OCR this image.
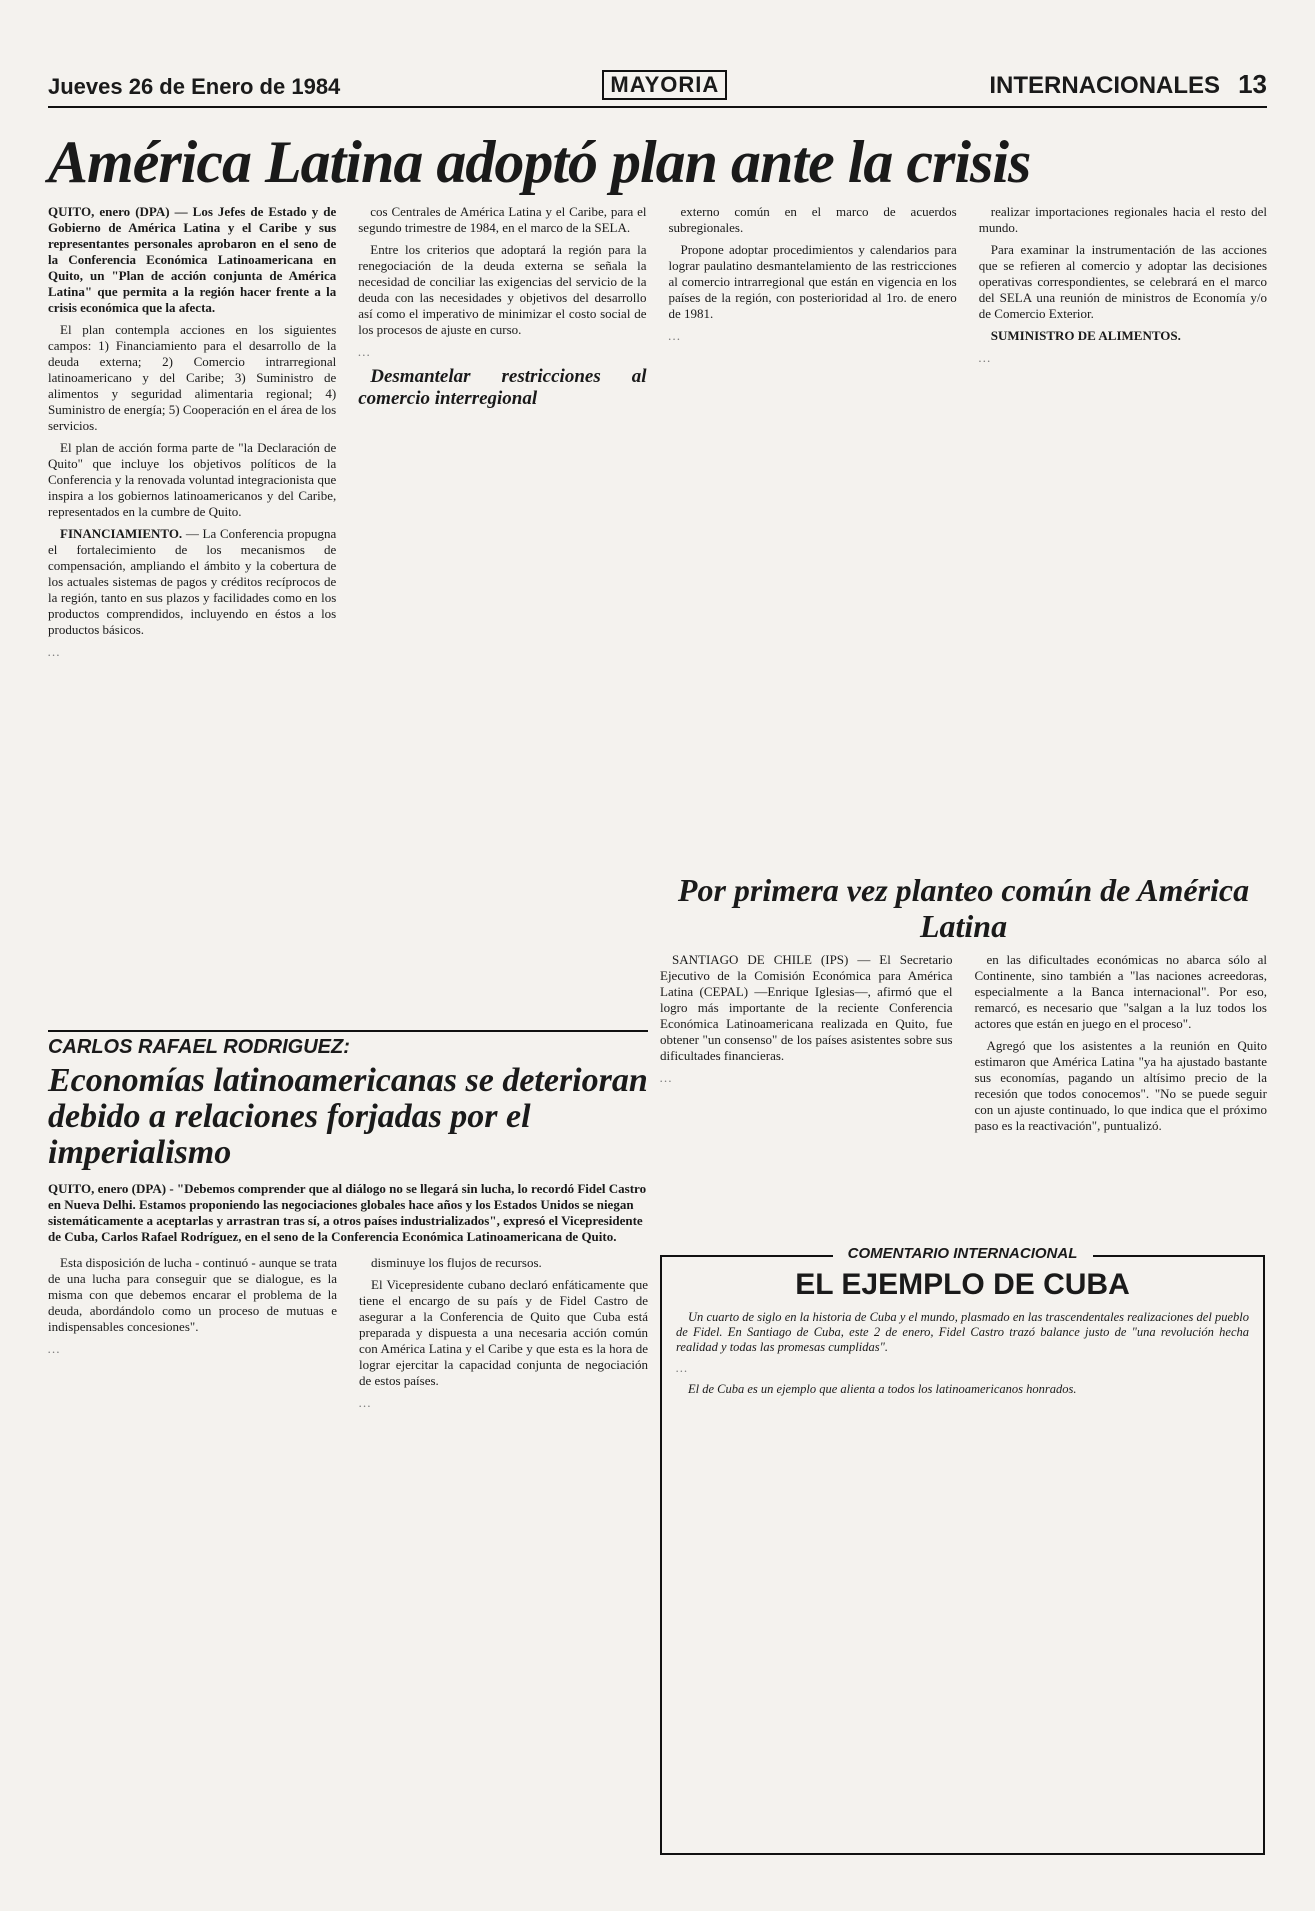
Jueves 26 de Enero de 1984	MAYORIA	INTERNACIONALES 13
América Latina adoptó plan ante la crisis

QUITO, enero (DPA) — Los Jefes de Estado y de Gobierno de América Latina y el Caribe y sus representantes personales aprobaron en el seno de la Conferencia Económica Latinoamericana en Quito, un "Plan de acción conjunta de América Latina" que permita a la región hacer frente a la crisis económica que la afecta.

El plan contempla acciones en los siguientes campos: 1) Financiamiento para el desarrollo de la deuda externa; 2) Comercio intrarregional latinoamericano y del Caribe; 3) Suministro de alimentos y seguridad alimentaria regional; 4) Suministro de energía; 5) Cooperación en el área de los servicios.

El plan de acción forma parte de "la Declaración de Quito" que incluye los objetivos políticos de la Conferencia y la renovada voluntad integracionista que inspira a los gobiernos latinoamericanos y del Caribe, representados en la cumbre de Quito.

FINANCIAMIENTO. — La Conferencia propugna el fortalecimiento de los mecanismos de compensación, ampliando el ámbito y la cobertura de los actuales sistemas de pagos y créditos recíprocos de la región, tanto en sus plazos y facilidades como en los productos comprendidos, incluyendo en éstos a los productos básicos.

…

cos Centrales de América Latina y el Caribe, para el segundo trimestre de 1984, en el marco de la SELA.

Entre los criterios que adoptará la región para la renegociación de la deuda externa se señala la necesidad de conciliar las exigencias del servicio de la deuda con las necesidades y objetivos del desarrollo así como el imperativo de minimizar el costo social de los procesos de ajuste en curso.

…

Desmantelar restricciones al comercio interregional

externo común en el marco de acuerdos subregionales.

Propone adoptar procedimientos y calendarios para lograr paulatino desmantelamiento de las restricciones al comercio intrarregional que están en vigencia en los países de la región, con posterioridad al 1ro. de enero de 1981.

…

realizar importaciones regionales hacia el resto del mundo.

Para examinar la instrumentación de las acciones que se refieren al comercio y adoptar las decisiones operativas correspondientes, se celebrará en el marco del SELA una reunión de ministros de Economía y/o de Comercio Exterior.

SUMINISTRO DE ALIMENTOS.

…

CARLOS RAFAEL RODRIGUEZ:
Economías latinoamericanas se deterioran debido a relaciones forjadas por el imperialismo

QUITO, enero (DPA) - "Debemos comprender que al diálogo no se llegará sin lucha, lo recordó Fidel Castro en Nueva Delhi. Estamos proponiendo las negociaciones globales hace años y los Estados Unidos se niegan sistemáticamente a aceptarlas y arrastran tras sí, a otros países industrializados", expresó el Vicepresidente de Cuba, Carlos Rafael Rodríguez, en el seno de la Conferencia Económica Latinoamericana de Quito.

Esta disposición de lucha - continuó - aunque se trata de una lucha para conseguir que se dialogue, es la misma con que debemos encarar el problema de la deuda, abordándolo como un proceso de mutuas e indispensables concesiones".

…

disminuye los flujos de recursos.

El Vicepresidente cubano declaró enfáticamente que tiene el encargo de su país y de Fidel Castro de asegurar a la Conferencia de Quito que Cuba está preparada y dispuesta a una necesaria acción común con América Latina y el Caribe y que esta es la hora de lograr ejercitar la capacidad conjunta de negociación de estos países.

…

Por primera vez planteo común de América Latina

SANTIAGO DE CHILE (IPS) — El Secretario Ejecutivo de la Comisión Económica para América Latina (CEPAL) —Enrique Iglesias—, afirmó que el logro más importante de la reciente Conferencia Económica Latinoamericana realizada en Quito, fue obtener "un consenso" de los países asistentes sobre sus dificultades financieras.

…

en las dificultades económicas no abarca sólo al Continente, sino también a "las naciones acreedoras, especialmente a la Banca internacional". Por eso, remarcó, es necesario que "salgan a la luz todos los actores que están en juego en el proceso".

Agregó que los asistentes a la reunión en Quito estimaron que América Latina "ya ha ajustado bastante sus economías, pagando un altísimo precio de la recesión que todos conocemos". "No se puede seguir con un ajuste continuado, lo que indica que el próximo paso es la reactivación", puntualizó.

COMENTARIO INTERNACIONAL
EL EJEMPLO DE CUBA

Un cuarto de siglo en la historia de Cuba y el mundo, plasmado en las trascendentales realizaciones del pueblo de Fidel. En Santiago de Cuba, este 2 de enero, Fidel Castro trazó balance justo de "una revolución hecha realidad y todas las promesas cumplidas".

…

El de Cuba es un ejemplo que alienta a todos los latinoamericanos honrados.
